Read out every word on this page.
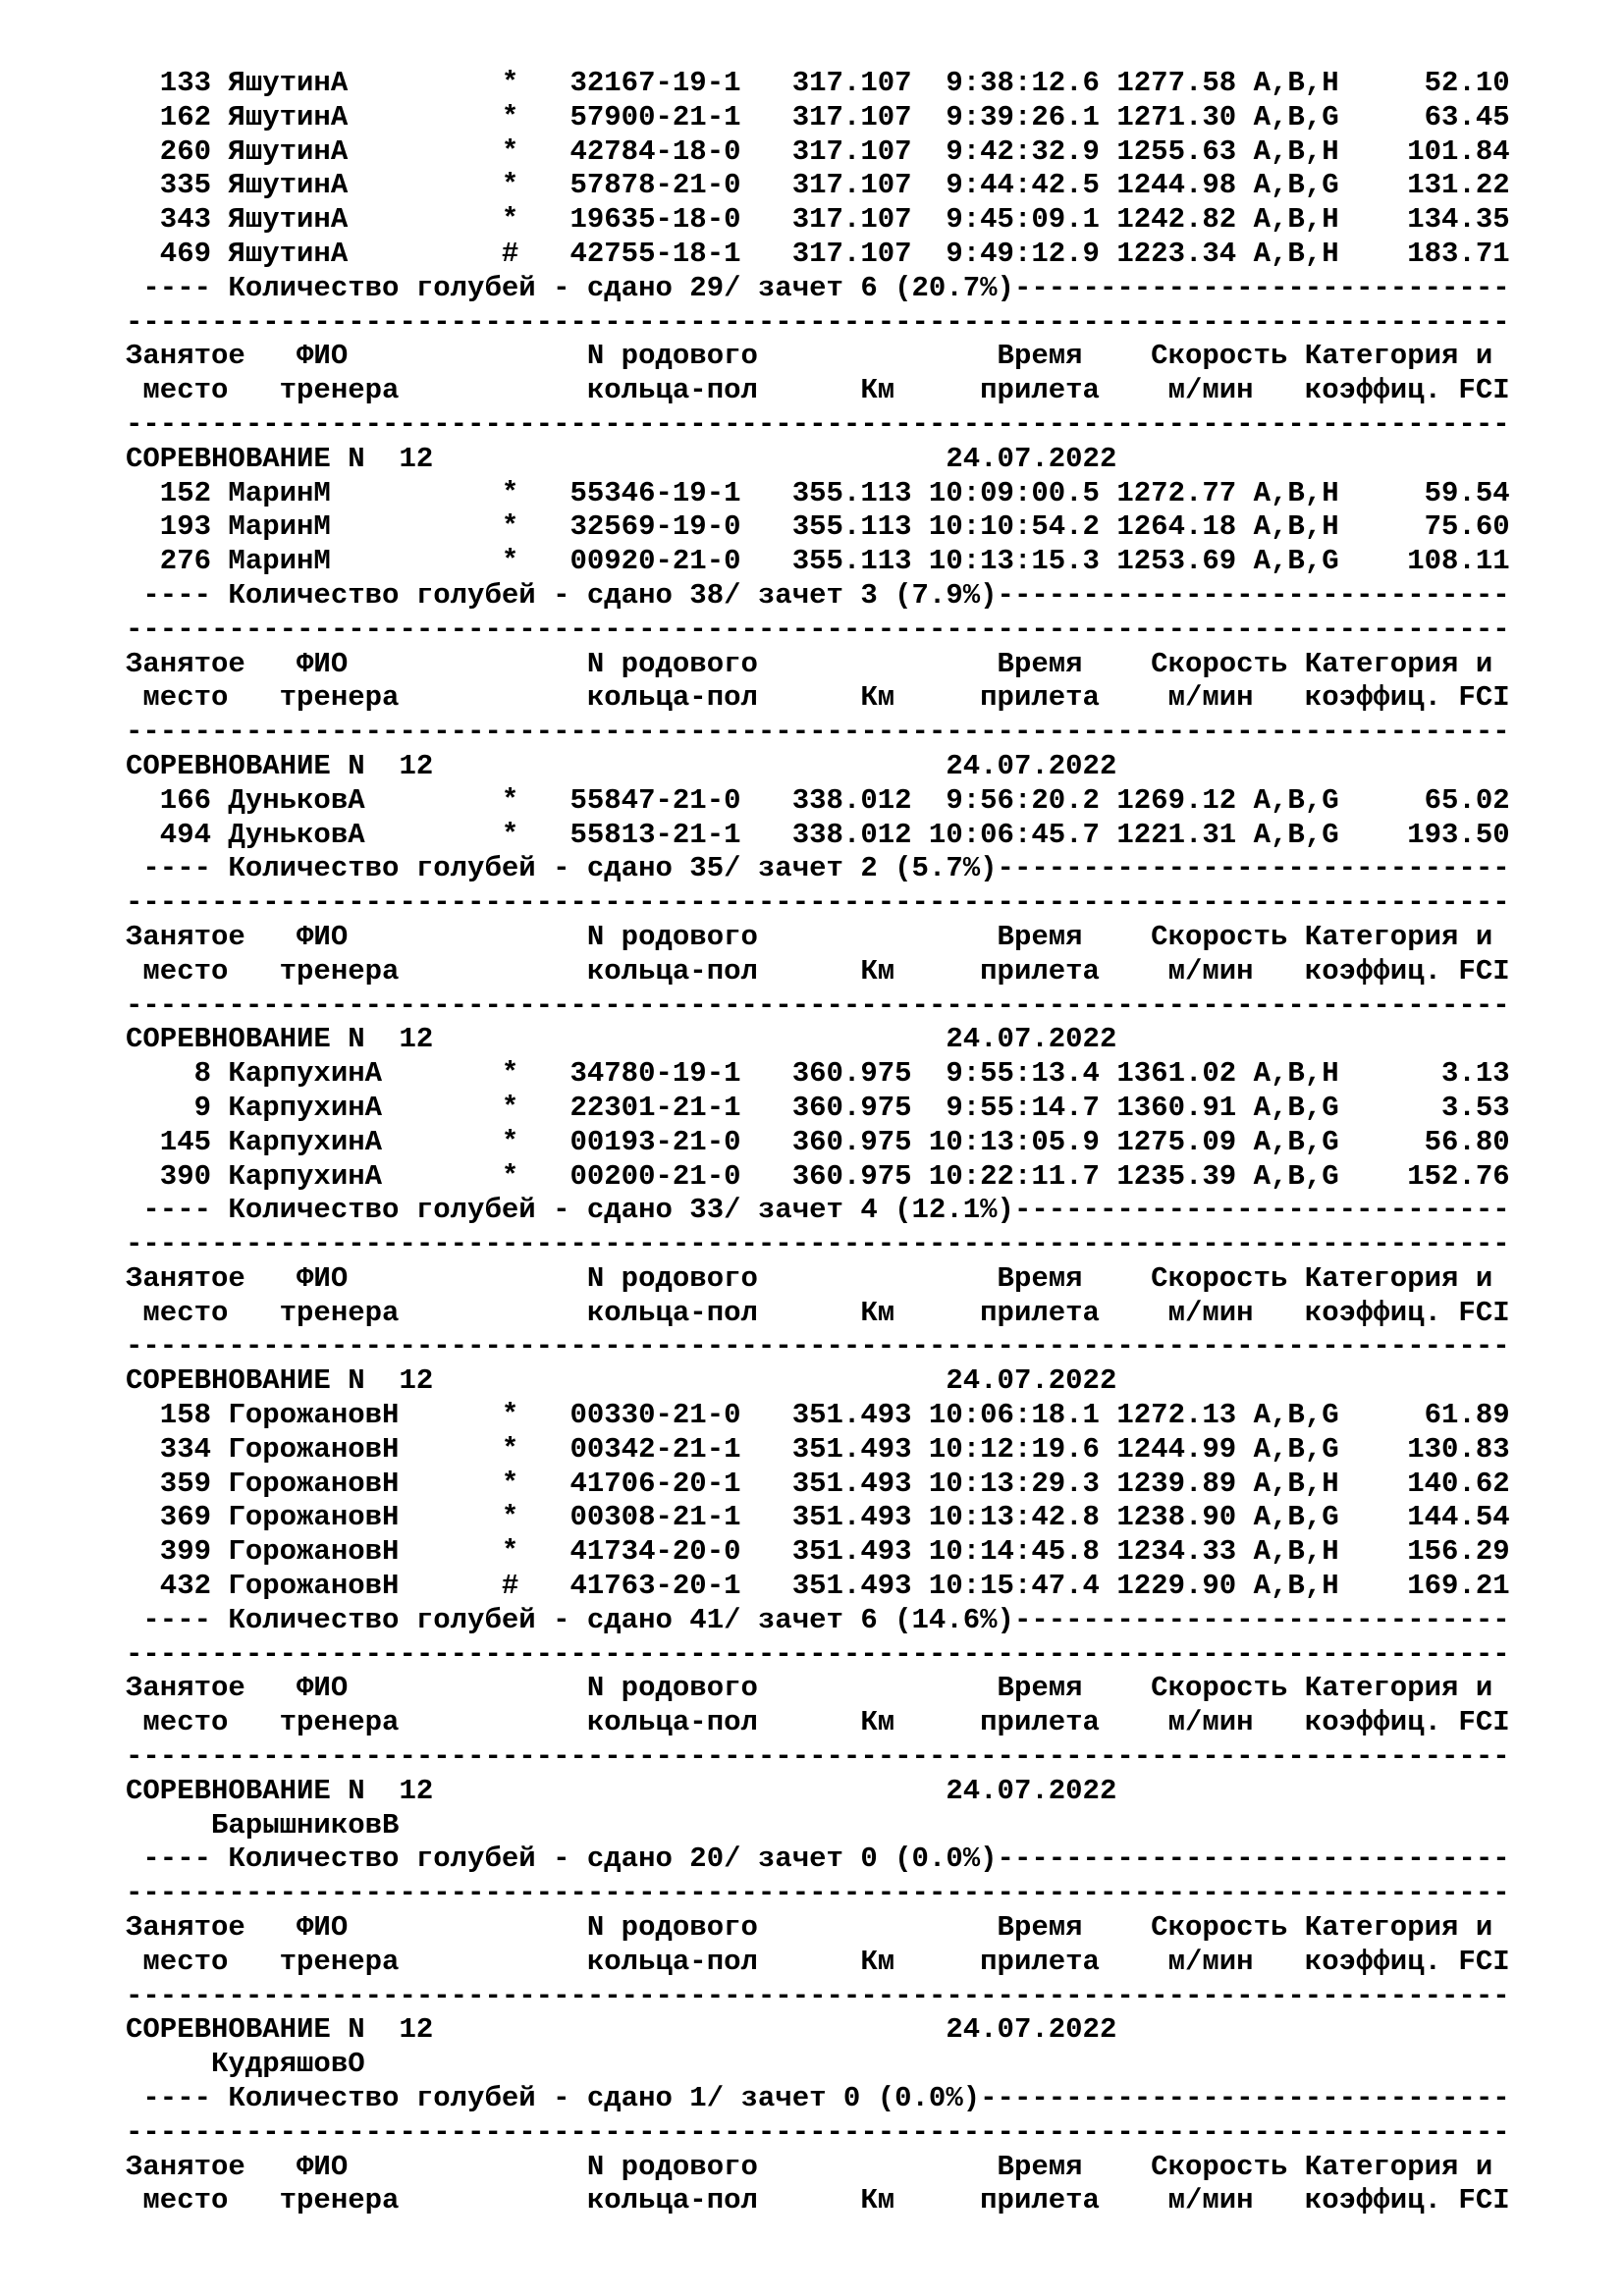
133 ЯшутинА         *   32167-19-1   317.107  9:38:12.6 1277.58 A,B,H     52.10
162 ЯшутинА         *   57900-21-1   317.107  9:39:26.1 1271.30 A,B,G     63.45
260 ЯшутинА         *   42784-18-0   317.107  9:42:32.9 1255.63 A,B,H    101.84
335 ЯшутинА         *   57878-21-0   317.107  9:44:42.5 1244.98 A,B,G    131.22
343 ЯшутинА         *   19635-18-0   317.107  9:45:09.1 1242.82 A,B,H    134.35
469 ЯшутинА         #   42755-18-1   317.107  9:49:12.9 1223.34 A,B,H    183.71
---- Количество голубей - сдано 29/ зачет 6 (20.7%)-----------------------------
---------------------------------------------------------------------------------
Занятое   ФИО              N родового              Время    Скорость Категория и
место   тренера           кольца-пол      Км     прилета    м/мин   коэффиц. FCI
---------------------------------------------------------------------------------
СОРЕВНОВАНИЕ N  12                              24.07.2022
152 МаринМ          *   55346-19-1   355.113 10:09:00.5 1272.77 A,B,H     59.54
193 МаринМ          *   32569-19-0   355.113 10:10:54.2 1264.18 A,B,H     75.60
276 МаринМ          *   00920-21-0   355.113 10:13:15.3 1253.69 A,B,G    108.11
---- Количество голубей - сдано 38/ зачет 3 (7.9%)------------------------------
---------------------------------------------------------------------------------
Занятое   ФИО              N родового              Время    Скорость Категория и
место   тренера           кольца-пол      Км     прилета    м/мин   коэффиц. FCI
---------------------------------------------------------------------------------
СОРЕВНОВАНИЕ N  12                              24.07.2022
166 ДуньковА        *   55847-21-0   338.012  9:56:20.2 1269.12 A,B,G     65.02
494 ДуньковА        *   55813-21-1   338.012 10:06:45.7 1221.31 A,B,G    193.50
---- Количество голубей - сдано 35/ зачет 2 (5.7%)------------------------------
---------------------------------------------------------------------------------
Занятое   ФИО              N родового              Время    Скорость Категория и
место   тренера           кольца-пол      Км     прилета    м/мин   коэффиц. FCI
---------------------------------------------------------------------------------
СОРЕВНОВАНИЕ N  12                              24.07.2022
8 КарпухинА       *   34780-19-1   360.975  9:55:13.4 1361.02 A,B,H      3.13
9 КарпухинА       *   22301-21-1   360.975  9:55:14.7 1360.91 A,B,G      3.53
145 КарпухинА       *   00193-21-0   360.975 10:13:05.9 1275.09 A,B,G     56.80
390 КарпухинА       *   00200-21-0   360.975 10:22:11.7 1235.39 A,B,G    152.76
---- Количество голубей - сдано 33/ зачет 4 (12.1%)-----------------------------
---------------------------------------------------------------------------------
Занятое   ФИО              N родового              Время    Скорость Категория и
место   тренера           кольца-пол      Км     прилета    м/мин   коэффиц. FCI
---------------------------------------------------------------------------------
СОРЕВНОВАНИЕ N  12                              24.07.2022
158 ГорожановН      *   00330-21-0   351.493 10:06:18.1 1272.13 A,B,G     61.89
334 ГорожановН      *   00342-21-1   351.493 10:12:19.6 1244.99 A,B,G    130.83
359 ГорожановН      *   41706-20-1   351.493 10:13:29.3 1239.89 A,B,H    140.62
369 ГорожановН      *   00308-21-1   351.493 10:13:42.8 1238.90 A,B,G    144.54
399 ГорожановН      *   41734-20-0   351.493 10:14:45.8 1234.33 A,B,H    156.29
432 ГорожановН      #   41763-20-1   351.493 10:15:47.4 1229.90 A,B,H    169.21
---- Количество голубей - сдано 41/ зачет 6 (14.6%)-----------------------------
---------------------------------------------------------------------------------
Занятое   ФИО              N родового              Время    Скорость Категория и
место   тренера           кольца-пол      Км     прилета    м/мин   коэффиц. FCI
---------------------------------------------------------------------------------
СОРЕВНОВАНИЕ N  12                              24.07.2022
БарышниковВ
---- Количество голубей - сдано 20/ зачет 0 (0.0%)------------------------------
---------------------------------------------------------------------------------
Занятое   ФИО              N родового              Время    Скорость Категория и
место   тренера           кольца-пол      Км     прилета    м/мин   коэффиц. FCI
---------------------------------------------------------------------------------
СОРЕВНОВАНИЕ N  12                              24.07.2022
КудряшовО
---- Количество голубей - сдано 1/ зачет 0 (0.0%)-------------------------------
---------------------------------------------------------------------------------
Занятое   ФИО              N родового              Время    Скорость Категория и
место   тренера           кольца-пол      Км     прилета    м/мин   коэффиц. FCI
